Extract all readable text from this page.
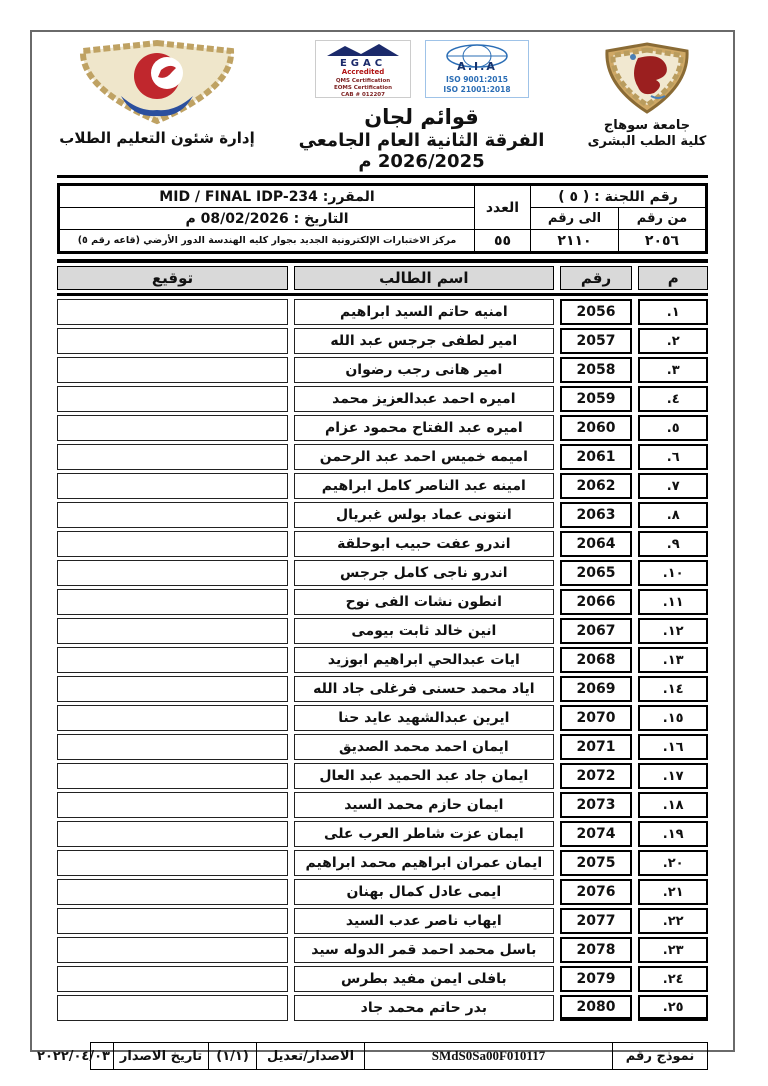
جامعة سوهاج
كلية الطب البشرى
EGAC
Accredited
QMS Certification
EOMS Certification
CAB # 012207
A.I.A
ISO 9001:2015
ISO 21001:2018
قوائم لجان
الفرقة الثانية العام الجامعي 2026/2025 م
إدارة شئون التعليم الطلاب
رقم اللجنة : ( ٥ )		العدد	المقرر: MID / FINAL IDP-234
من رقم	الى رقم		التاريخ : 08/02/2026 م
٢٠٥٦	٢١١٠	٥٥	مركز الاختبارات الإلكترونية الجديد بجوار كليه الهندسة الدور الأرضي (قاعه رقم ٥)
م	رقم	اسم الطالب	توقيع
١.	2056	امنيه حاتم السيد ابراهيم	
٢.	2057	امير لطفى جرجس عبد الله	
٣.	2058	امير هانى رجب رضوان	
٤.	2059	اميره احمد عبدالعزيز محمد	
٥.	2060	اميره عبد الفتاح محمود عزام	
٦.	2061	اميمه خميس احمد عبد الرحمن	
٧.	2062	امينه عبد الناصر كامل ابراهيم	
٨.	2063	انتونى عماد بولس غبريال	
٩.	2064	اندرو عفت حبيب ابوحلقة	
١٠.	2065	اندرو ناجى كامل جرجس	
١١.	2066	انطون نشات الفى نوح	
١٢.	2067	انين خالد ثابت بيومى	
١٣.	2068	ايات عبدالحي ابراهيم ابوزيد	
١٤.	2069	اياد محمد حسنى فرغلى جاد الله	
١٥.	2070	ايرين عبدالشهيد عايد حنا	
١٦.	2071	ايمان احمد محمد الصديق	
١٧.	2072	ايمان جاد عبد الحميد عبد العال	
١٨.	2073	ايمان حازم محمد السيد	
١٩.	2074	ايمان عزت شاطر العرب على	
٢٠.	2075	ايمان عمران ابراهيم محمد ابراهيم	
٢١.	2076	ايمى عادل كمال بهنان	
٢٢.	2077	ايهاب ناصر عدب السيد	
٢٣.	2078	باسل محمد احمد قمر الدوله سيد	
٢٤.	2079	بافلى ايمن مفيد بطرس	
٢٥.	2080	بدر حاتم محمد جاد	
نموذج رقم	SMdS0Sa00F010117	الاصدار/تعديل	(١/١)	تاريخ الاصدار	٢٠٢٢/٠٤/٠٣
